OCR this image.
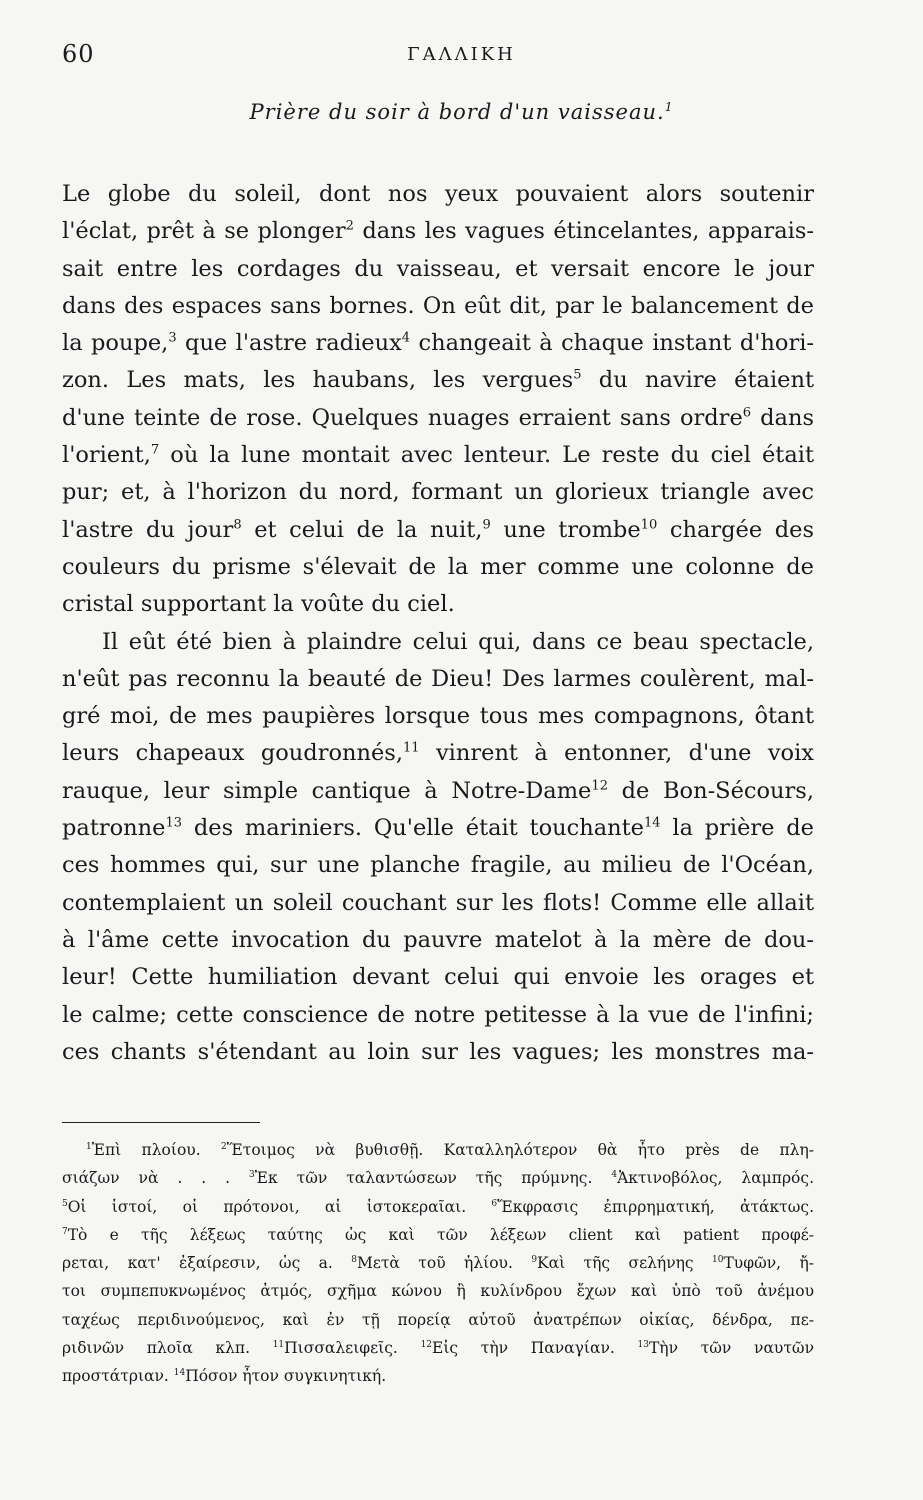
60	ΓΑΛΛΙΚΗ
Prière du soir à bord d'un vaisseau.$^1$
Le globe du soleil, dont nos yeux pouvaient alors soutenir
l'éclat, prêt à se plonger$^2$ dans les vagues étincelantes, apparais-
sait entre les cordages du vaisseau, et versait encore le jour
dans des espaces sans bornes. On eût dit, par le balancement de
la poupe,$^3$ que l'astre radieux$^4$ changeait à chaque instant d'hori-
zon. Les mats, les haubans, les vergues$^5$ du navire étaient
d'une teinte de rose. Quelques nuages erraient sans ordre$^6$ dans
l'orient,$^7$ où la lune montait avec lenteur. Le reste du ciel était
pur; et, à l'horizon du nord, formant un glorieux triangle avec
l'astre du jour$^8$ et celui de la nuit,$^9$ une trombe$^{10}$ chargée des
couleurs du prisme s'élevait de la mer comme une colonne de
cristal supportant la voûte du ciel.
Il eût été bien à plaindre celui qui, dans ce beau spectacle,
n'eût pas reconnu la beauté de Dieu! Des larmes coulèrent, mal-
gré moi, de mes paupières lorsque tous mes compagnons, ôtant
leurs chapeaux goudronnés,$^{11}$ vinrent à entonner, d'une voix
rauque, leur simple cantique à Notre-Dame$^{12}$ de Bon-Sécours,
patronne$^{13}$ des mariniers. Qu'elle était touchante$^{14}$ la prière de
ces hommes qui, sur une planche fragile, au milieu de l'Océan,
contemplaient un soleil couchant sur les flots! Comme elle allait
à l'âme cette invocation du pauvre matelot à la mère de dou-
leur! Cette humiliation devant celui qui envoie les orages et
le calme; cette conscience de notre petitesse à la vue de l'infini;
ces chants s'étendant au loin sur les vagues; les monstres ma-
$^1$Ἐπὶ πλοίου. $^2$Ἕτοιμος νὰ βυθισθῇ. Καταλληλότερον θὰ ἦτο près de πλη-
σιάζων νὰ . . . $^3$Ἐκ τῶν ταλαντώσεων τῆς πρύμνης. $^4$Ἀκτινοβόλος, λαμπρός.
$^5$Οἱ ἱστοί, οἱ πρότονοι, αἱ ἱστοκεραῖαι. $^6$Ἔκφρασις ἐπιρρηματική, ἀτάκτως.
$^7$Τὸ e τῆς λέξεως ταύτης ὡς καὶ τῶν λέξεων client καὶ patient προφέ-
ρεται, κατ' ἐξαίρεσιν, ὡς a. $^8$Μετὰ τοῦ ἡλίου. $^9$Καὶ τῆς σελήνης $^{10}$Τυφῶν, ἤ-
τοι συμπεπυκνωμένος ἀτμός, σχῆμα κώνου ἢ κυλίνδρου ἔχων καὶ ὑπὸ τοῦ ἀνέμου
ταχέως περιδινούμενος, καὶ ἐν τῇ πορείᾳ αὐτοῦ ἀνατρέπων οἰκίας, δένδρα, πε-
ριδινῶν πλοῖα κλπ. $^{11}$Πισσαλειφεῖς. $^{12}$Εἰς τὴν Παναγίαν. $^{13}$Τὴν τῶν ναυτῶν
προστάτριαν. $^{14}$Πόσον ἦτον συγκινητική.
